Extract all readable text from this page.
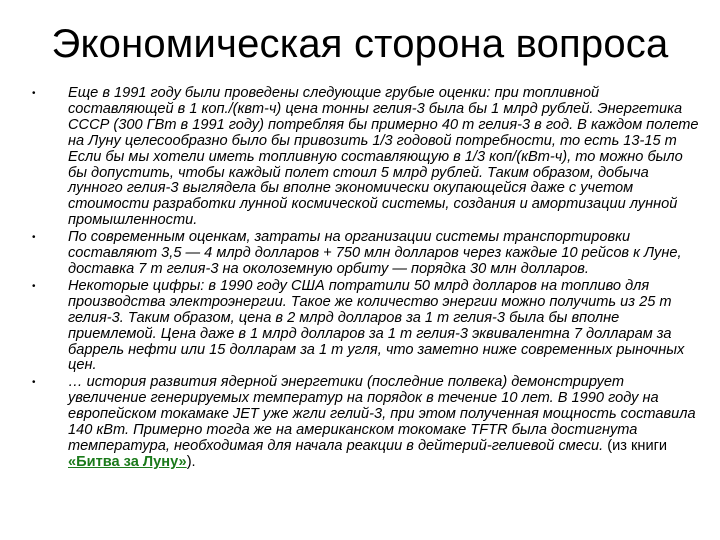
Экономическая сторона вопроса
• Еще в 1991 году были проведены следующие грубые оценки: при топливной составляющей в 1 коп./(квт-ч) цена тонны гелия-3 была бы 1 млрд рублей. Энергетика СССР (300 ГВт в 1991 году) потребляя бы примерно 40 т гелия-3 в год. В каждом полете на Луну целесообразно было бы привозить 1/3 годовой потребности, то есть 13-15 т Если бы мы хотели иметь топливную составляющую в 1/3 коп/(кВт-ч), то можно было бы допустить, чтобы каждый полет стоил 5 млрд рублей. Таким образом, добыча лунного гелия-3 выглядела бы вполне экономически окупающейся даже с учетом стоимости разработки лунной космической системы, создания и амортизации лунной промышленности.
• По современным оценкам, затраты на организации системы транспортировки составляют 3,5 — 4 млрд долларов + 750 млн долларов через каждые 10 рейсов к Луне, доставка 7 т гелия-3 на околоземную орбиту — порядка 30 млн долларов.
• Некоторые цифры: в 1990 году США потратили 50 млрд долларов на топливо для производства электроэнергии. Такое же количество энергии можно получить из 25 т гелия-3. Таким образом, цена в 2 млрд долларов за 1 т гелия-3 была бы вполне приемлемой. Цена даже в 1 млрд долларов за 1 т гелия-3 эквивалентна 7 долларам за баррель нефти или 15 долларам за 1 т угля, что заметно ниже современных рыночных цен.
• … история развития ядерной энергетики (последние полвека) демонстрирует увеличение генерируемых температур на порядок в течение 10 лет. В 1990 году на европейском токамаке JET уже жгли гелий-3, при этом полученная мощность составила 140 кВт. Примерно тогда же на американском токомаке TFTR была достигнута температура, необходимая для начала реакции в дейтерий-гелиевой смеси. (из книги «Битва за Луну»).
